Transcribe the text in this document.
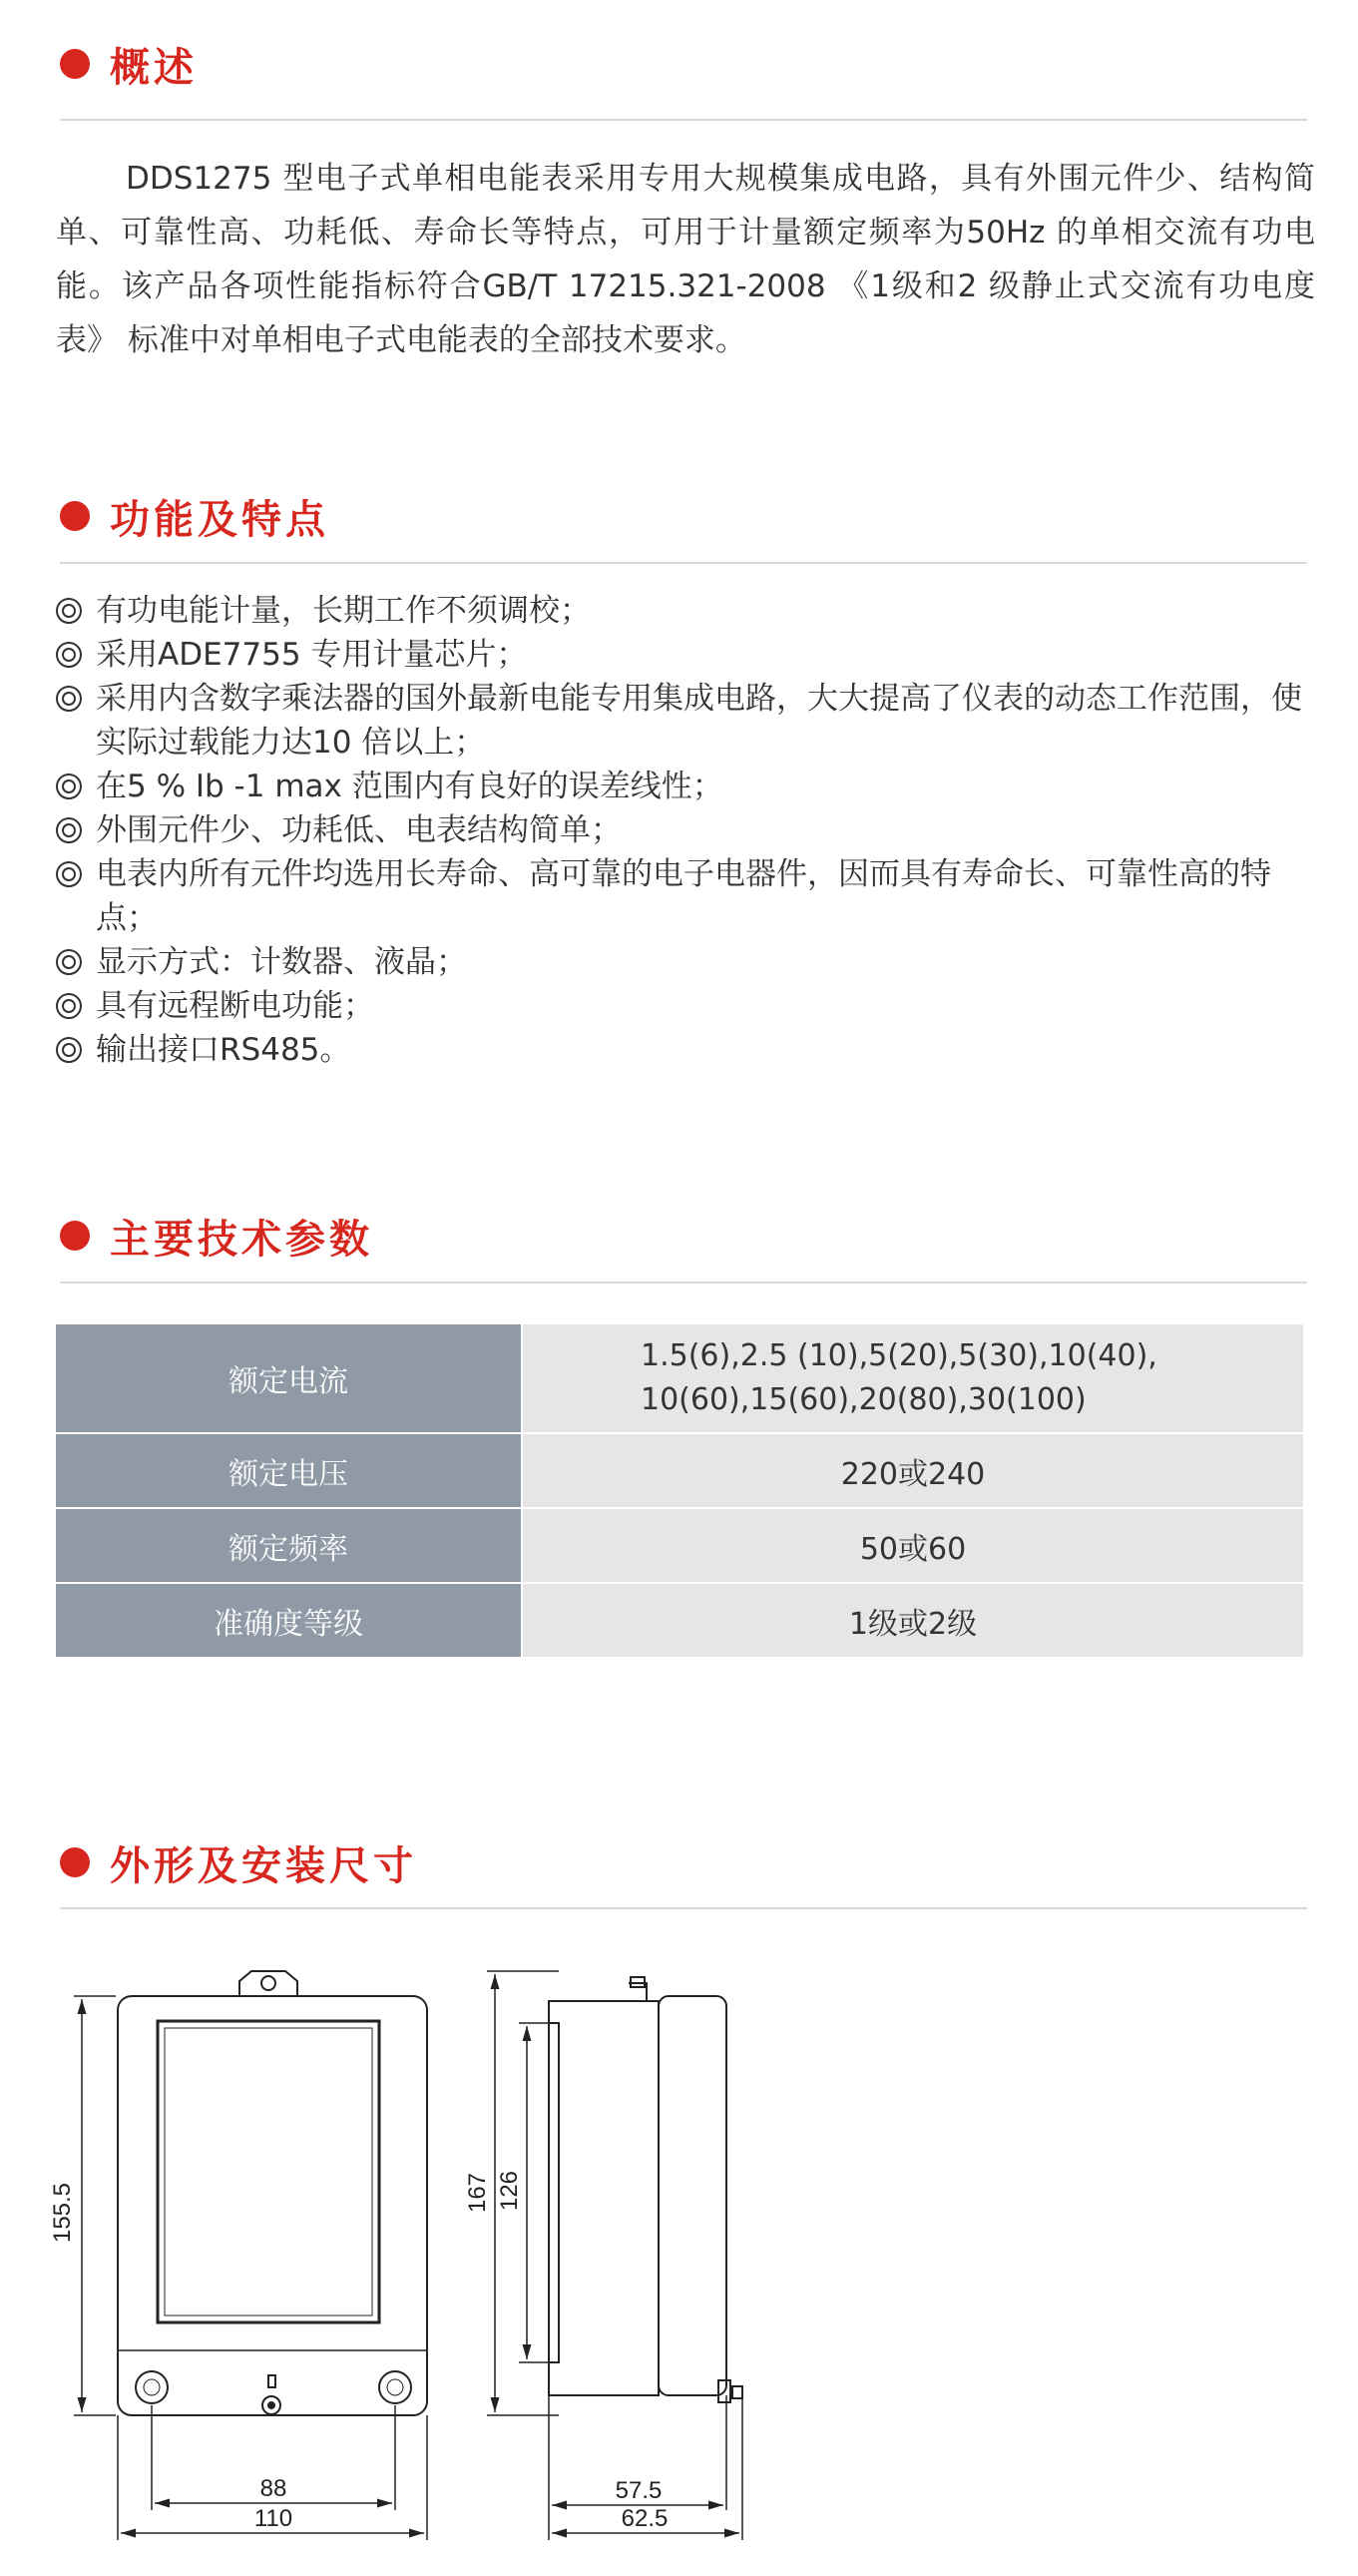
概述

DDS1275 型电子式单相电能表采用专用大规模集成电路，具有外围元件少、结构简单、可靠性高、功耗低、寿命长等特点，可用于计量额定频率为50Hz 的单相交流有功电能。该产品各项性能指标符合GB/T 17215.321-2008 《1级和2 级静止式交流有功电度表》 标准中对单相电子式电能表的全部技术要求。

功能及特点
有功电能计量，长期工作不须调校；
采用ADE7755 专用计量芯片；
采用内含数字乘法器的国外最新电能专用集成电路，大大提高了仪表的动态工作范围，使实际过载能力达10 倍以上；
在5 % Ib -1 max 范围内有良好的误差线性；
外围元件少、功耗低、电表结构简单；
电表内所有元件均选用长寿命、高可靠的电子电器件，因而具有寿命长、可靠性高的特点；
显示方式：计数器、液晶；
具有远程断电功能；
输出接口RS485。
主要技术参数
额定电流	1.5(6),2.5 (10),5(20),5(30),10(40),
10(60),15(60),20(80),30(100)

额定电压	220或240
额定频率	50或60
准确度等级	1级或2级
外形及安装尺寸
155.5
88
110
167 126
57.5
62.5
